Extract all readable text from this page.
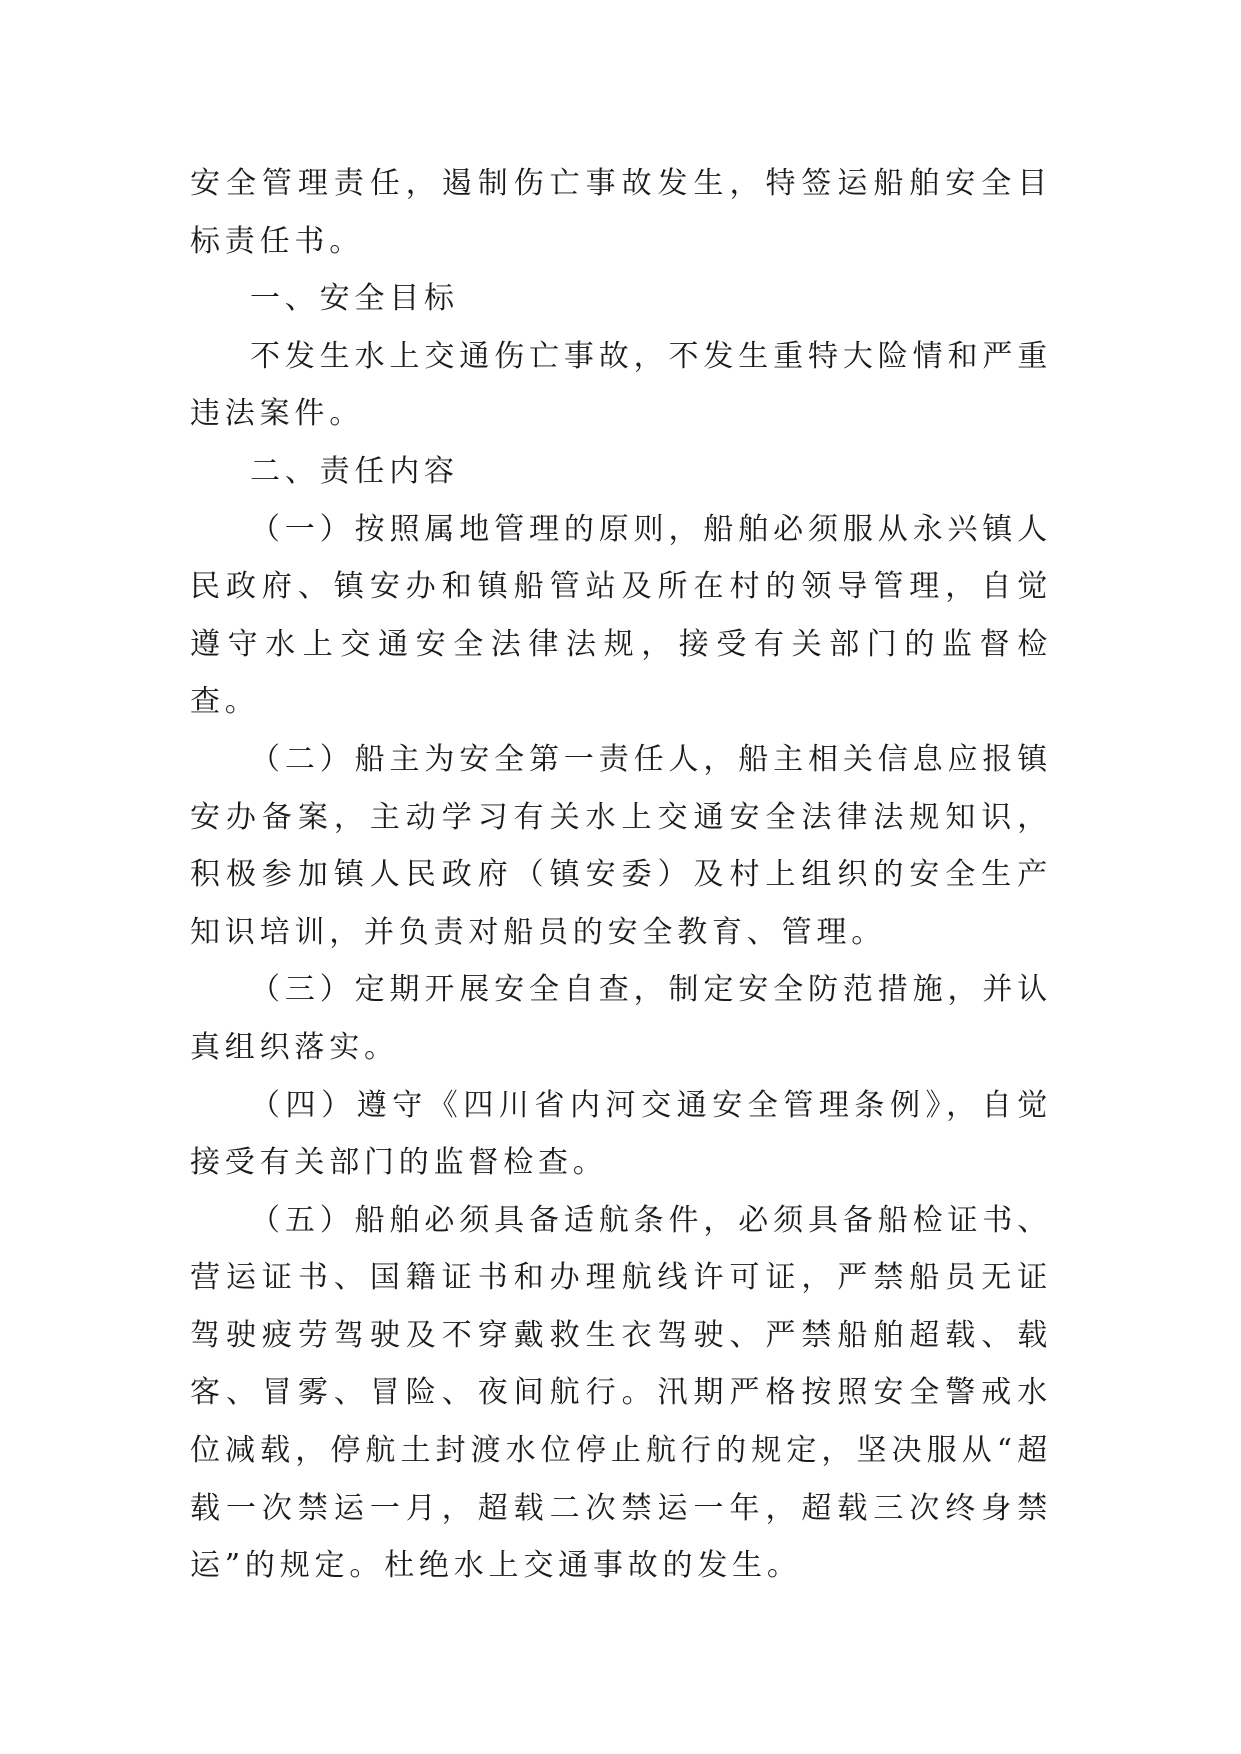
安全管理责任，遏制伤亡事故发生，特签运船舶安全目标责任书。

一、安全目标

不发生水上交通伤亡事故，不发生重特大险情和严重违法案件。

二、责任内容

（一）按照属地管理的原则，船舶必须服从永兴镇人民政府、镇安办和镇船管站及所在村的领导管理，自觉遵守水上交通安全法律法规，接受有关部门的监督检查。

（二）船主为安全第一责任人，船主相关信息应报镇安办备案，主动学习有关水上交通安全法律法规知识，积极参加镇人民政府（镇安委）及村上组织的安全生产知识培训，并负责对船员的安全教育、管理。

（三）定期开展安全自查，制定安全防范措施，并认真组织落实。

（四）遵守《四川省内河交通安全管理条例》，自觉接受有关部门的监督检查。

（五）船舶必须具备适航条件，必须具备船检证书、营运证书、国籍证书和办理航线许可证，严禁船员无证驾驶疲劳驾驶及不穿戴救生衣驾驶、严禁船舶超载、载客、冒雾、冒险、夜间航行。汛期严格按照安全警戒水位减载，停航土封渡水位停止航行的规定，坚决服从“超载一次禁运一月，超载二次禁运一年，超载三次终身禁运”的规定。杜绝水上交通事故的发生。
